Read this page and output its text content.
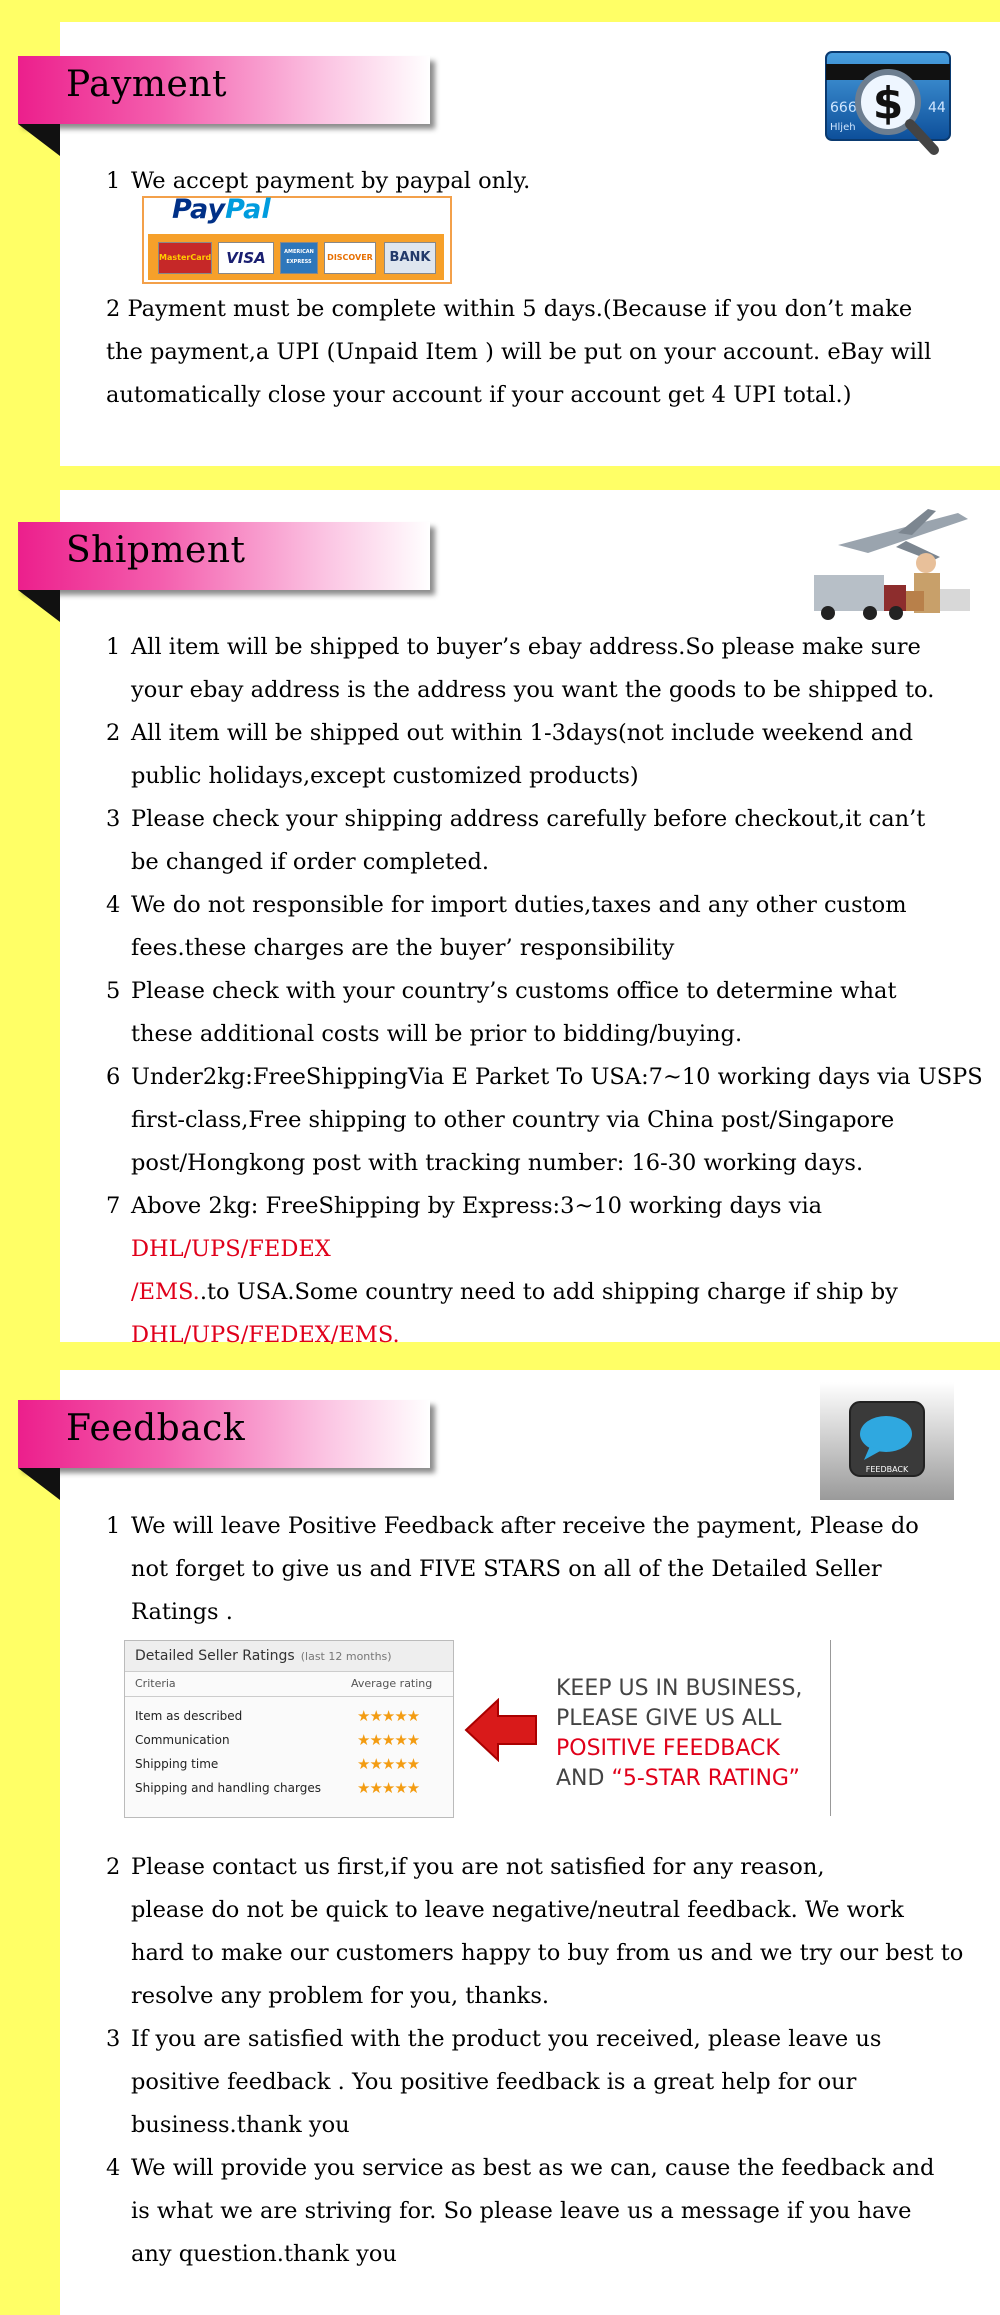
Payment
666	44
Hljeh $
1 We accept payment by paypal only.
PayPal
MasterCard VISA	AMERICAN EXPRESS	DISCOVER	BANK
2 Payment must be complete within 5 days.(Because if you don’t make
the payment,a UPI (Unpaid Item ) will be put on your account. eBay will
automatically close your account if your account get 4 UPI total.)
Shipment
1 All item will be shipped to buyer’s ebay address.So please make sure
your ebay address is the address you want the goods to be shipped to.
2 All item will be shipped out within 1-3days(not include weekend and
public holidays,except customized products)
3 Please check your shipping address carefully before checkout,it can’t
be changed if order completed.
4 We do not responsible for import duties,taxes and any other custom
fees.these charges are the buyer’ responsibility
5 Please check with your country’s customs office to determine what
these additional costs will be prior to bidding/buying.
6 Under2kg:FreeShippingVia E Parket To USA:7~10 working days via USPS
first-class,Free shipping to other country via China post/Singapore
post/Hongkong post with tracking number: 16-30 working days.
7 Above 2kg: FreeShipping by Express:3~10 working days via DHL/UPS/FEDEX
/EMS..to USA.Some country need to add shipping charge if ship by
DHL/UPS/FEDEX/EMS.
Feedback
FEEDBACK
1 We will leave Positive Feedback after receive the payment, Please do
not forget to give us and FIVE STARS on all of the Detailed Seller
Ratings .
Detailed Seller Ratings (last 12 months)
Criteria	Average rating
Item as described	★★★★★
Communication	★★★★★
Shipping time	★★★★★
Shipping and handling charges ★★★★★
KEEP US IN BUSINESS,
PLEASE GIVE US ALL
POSITIVE FEEDBACK
AND “5-STAR RATING”
2 Please contact us first,if you are not satisfied for any reason,
please do not be quick to leave negative/neutral feedback. We work
hard to make our customers happy to buy from us and we try our best to
resolve any problem for you, thanks.
3 If you are satisfied with the product you received, please leave us
positive feedback . You positive feedback is a great help for our
business.thank you
4 We will provide you service as best as we can, cause the feedback and
is what we are striving for. So please leave us a message if you have
any question.thank you
